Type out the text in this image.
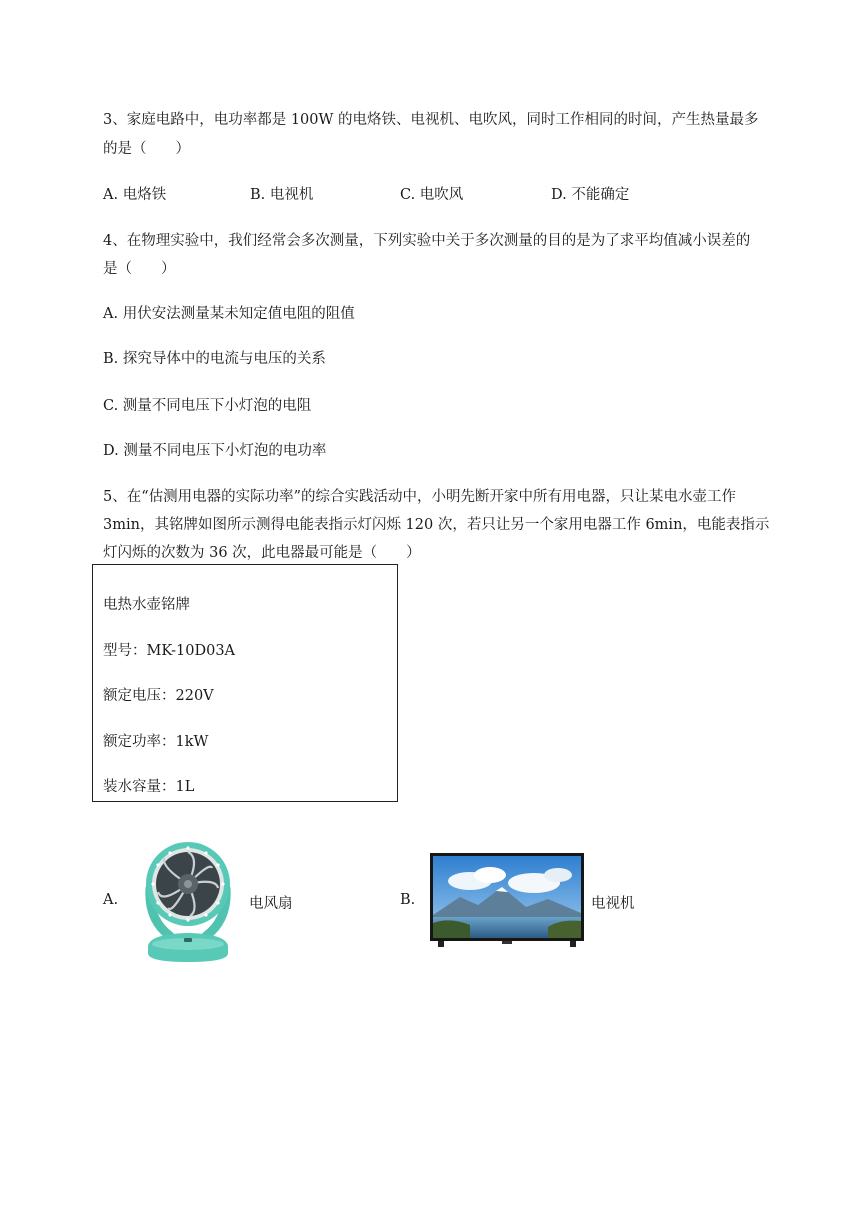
3、家庭电路中，电功率都是 100W 的电烙铁、电视机、电吹风，同时工作相同的时间，产生热量最多
的是（　　）
A. 电烙铁	B. 电视机	C. 电吹风	D. 不能确定
4、在物理实验中，我们经常会多次测量，下列实验中关于多次测量的目的是为了求平均值减小误差的
是（　　）
A. 用伏安法测量某未知定值电阻的阻值
B. 探究导体中的电流与电压的关系
C. 测量不同电压下小灯泡的电阻
D. 测量不同电压下小灯泡的电功率
5、在“估测用电器的实际功率”的综合实践活动中，小明先断开家中所有用电器，只让某电水壶工作
3min，其铭牌如图所示测得电能表指示灯闪烁 120 次，若只让另一个家用电器工作 6min，电能表指示
灯闪烁的次数为 36 次，此电器最可能是（　　）
电热水壶铭牌
型号：MK-10D03A
额定电压：220V
额定功率：1kW
装水容量：1L
A.	电风扇	B.	电视机
